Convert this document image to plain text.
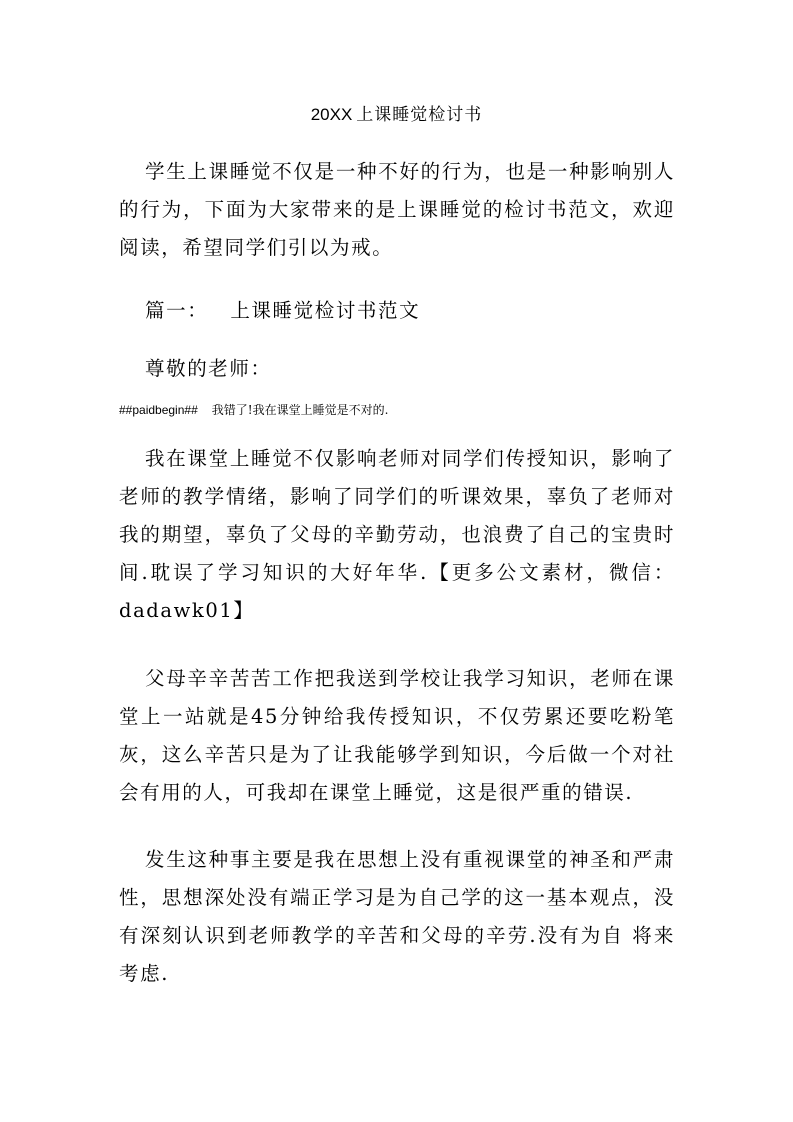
20XX 上课睡觉检讨书

学生上课睡觉不仅是一种不好的行为，也是一种影响别人的行为，下面为大家带来的是上课睡觉的检讨书范文，欢迎阅读，希望同学们引以为戒。

篇一： 上课睡觉检讨书范文

尊敬的老师：

##paidbegin## 我错了!我在课堂上睡觉是不对的.

我在课堂上睡觉不仅影响老师对同学们传授知识，影响了老师的教学情绪，影响了同学们的听课效果，辜负了老师对我的期望，辜负了父母的辛勤劳动，也浪费了自己的宝贵时间.耽误了学习知识的大好年华.【更多公文素材，微信：dadawk01】

父母辛辛苦苦工作把我送到学校让我学习知识，老师在课堂上一站就是45分钟给我传授知识，不仅劳累还要吃粉笔灰，这么辛苦只是为了让我能够学到知识，今后做一个对社会有用的人，可我却在课堂上睡觉，这是很严重的错误.

发生这种事主要是我在思想上没有重视课堂的神圣和严肃性，思想深处没有端正学习是为自己学的这一基本观点，没有深刻认识到老师教学的辛苦和父母的辛劳.没有为自 将来考虑.
